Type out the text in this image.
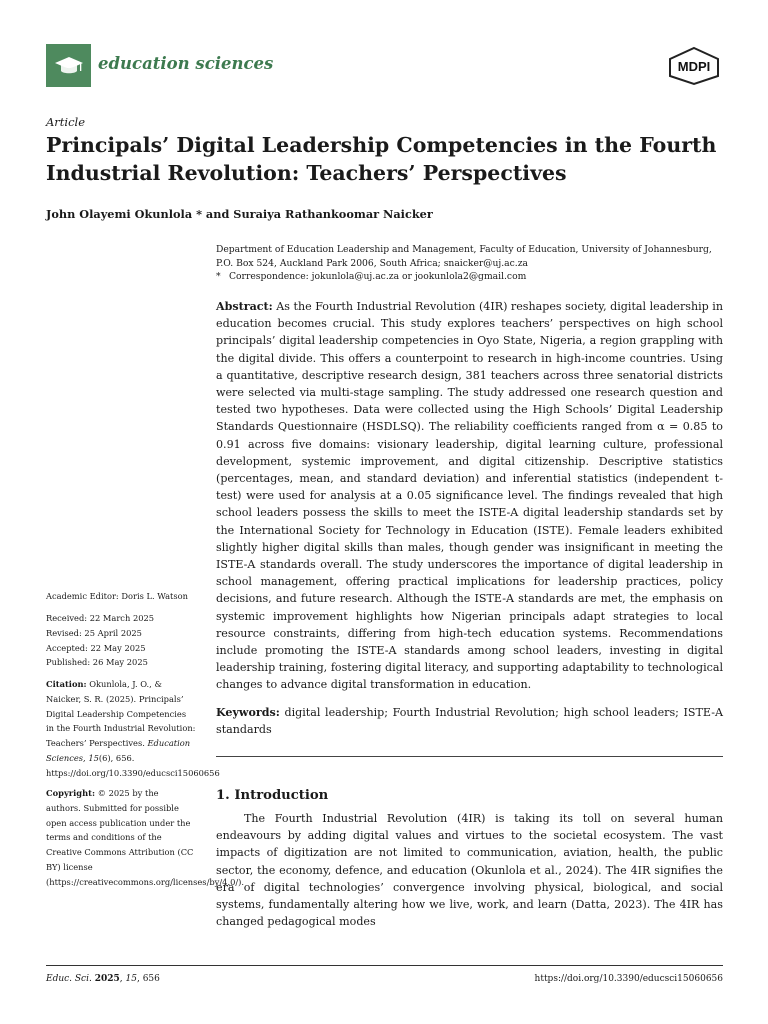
education sciences	MDPI
Article
Principals’ Digital Leadership Competencies in the Fourth Industrial Revolution: Teachers’ Perspectives
John Olayemi Okunlola * and Suraiya Rathankoomar Naicker
Department of Education Leadership and Management, Faculty of Education, University of Johannesburg, P.O. Box 524, Auckland Park 2006, South Africa; snaicker@uj.ac.za
* Correspondence: jokunlola@uj.ac.za or jookunlola2@gmail.com

Abstract: As the Fourth Industrial Revolution (4IR) reshapes society, digital leadership in education becomes crucial. This study explores teachers’ perspectives on high school principals’ digital leadership competencies in Oyo State, Nigeria, a region grappling with the digital divide. This offers a counterpoint to research in high-income countries. Using a quantitative, descriptive research design, 381 teachers across three senatorial districts were selected via multi-stage sampling. The study addressed one research question and tested two hypotheses. Data were collected using the High Schools’ Digital Leadership Standards Questionnaire (HSDLSQ). The reliability coefficients ranged from α = 0.85 to 0.91 across five domains: visionary leadership, digital learning culture, professional development, systemic improvement, and digital citizenship. Descriptive statistics (percentages, mean, and standard deviation) and inferential statistics (independent t-test) were used for analysis at a 0.05 significance level. The findings revealed that high school leaders possess the skills to meet the ISTE-A digital leadership standards set by the International Society for Technology in Education (ISTE). Female leaders exhibited slightly higher digital skills than males, though gender was insignificant in meeting the ISTE-A standards overall. The study underscores the importance of digital leadership in school management, offering practical implications for leadership practices, policy decisions, and future research. Although the ISTE-A standards are met, the emphasis on systemic improvement highlights how Nigerian principals adapt strategies to local resource constraints, differing from high-tech education systems. Recommendations include promoting the ISTE-A standards among school leaders, investing in digital leadership training, fostering digital literacy, and supporting adaptability to technological changes to advance digital transformation in education.

Keywords: digital leadership; Fourth Industrial Revolution; high school leaders; ISTE-A standards

1. Introduction

The Fourth Industrial Revolution (4IR) is taking its toll on several human endeavours by adding digital values and virtues to the societal ecosystem. The vast impacts of digitization are not limited to communication, aviation, health, the public sector, the economy, defence, and education (Okunlola et al., 2024). The 4IR signifies the era of digital technologies’ convergence involving physical, biological, and social systems, fundamentally altering how we live, work, and learn (Datta, 2023). The 4IR has changed pedagogical modes

Academic Editor: Doris L. Watson
Received: 22 March 2025
Revised: 25 April 2025
Accepted: 22 May 2025
Published: 26 May 2025
Citation: Okunlola, J. O., & Naicker, S. R. (2025). Principals’ Digital Leadership Competencies in the Fourth Industrial Revolution: Teachers’ Perspectives. Education Sciences, 15(6), 656. https://doi.org/10.3390/educsci15060656
Copyright: © 2025 by the authors. Submitted for possible open access publication under the terms and conditions of the Creative Commons Attribution (CC BY) license (https://creativecommons.org/licenses/by/4.0/).
Educ. Sci. 2025, 15, 656	https://doi.org/10.3390/educsci15060656
